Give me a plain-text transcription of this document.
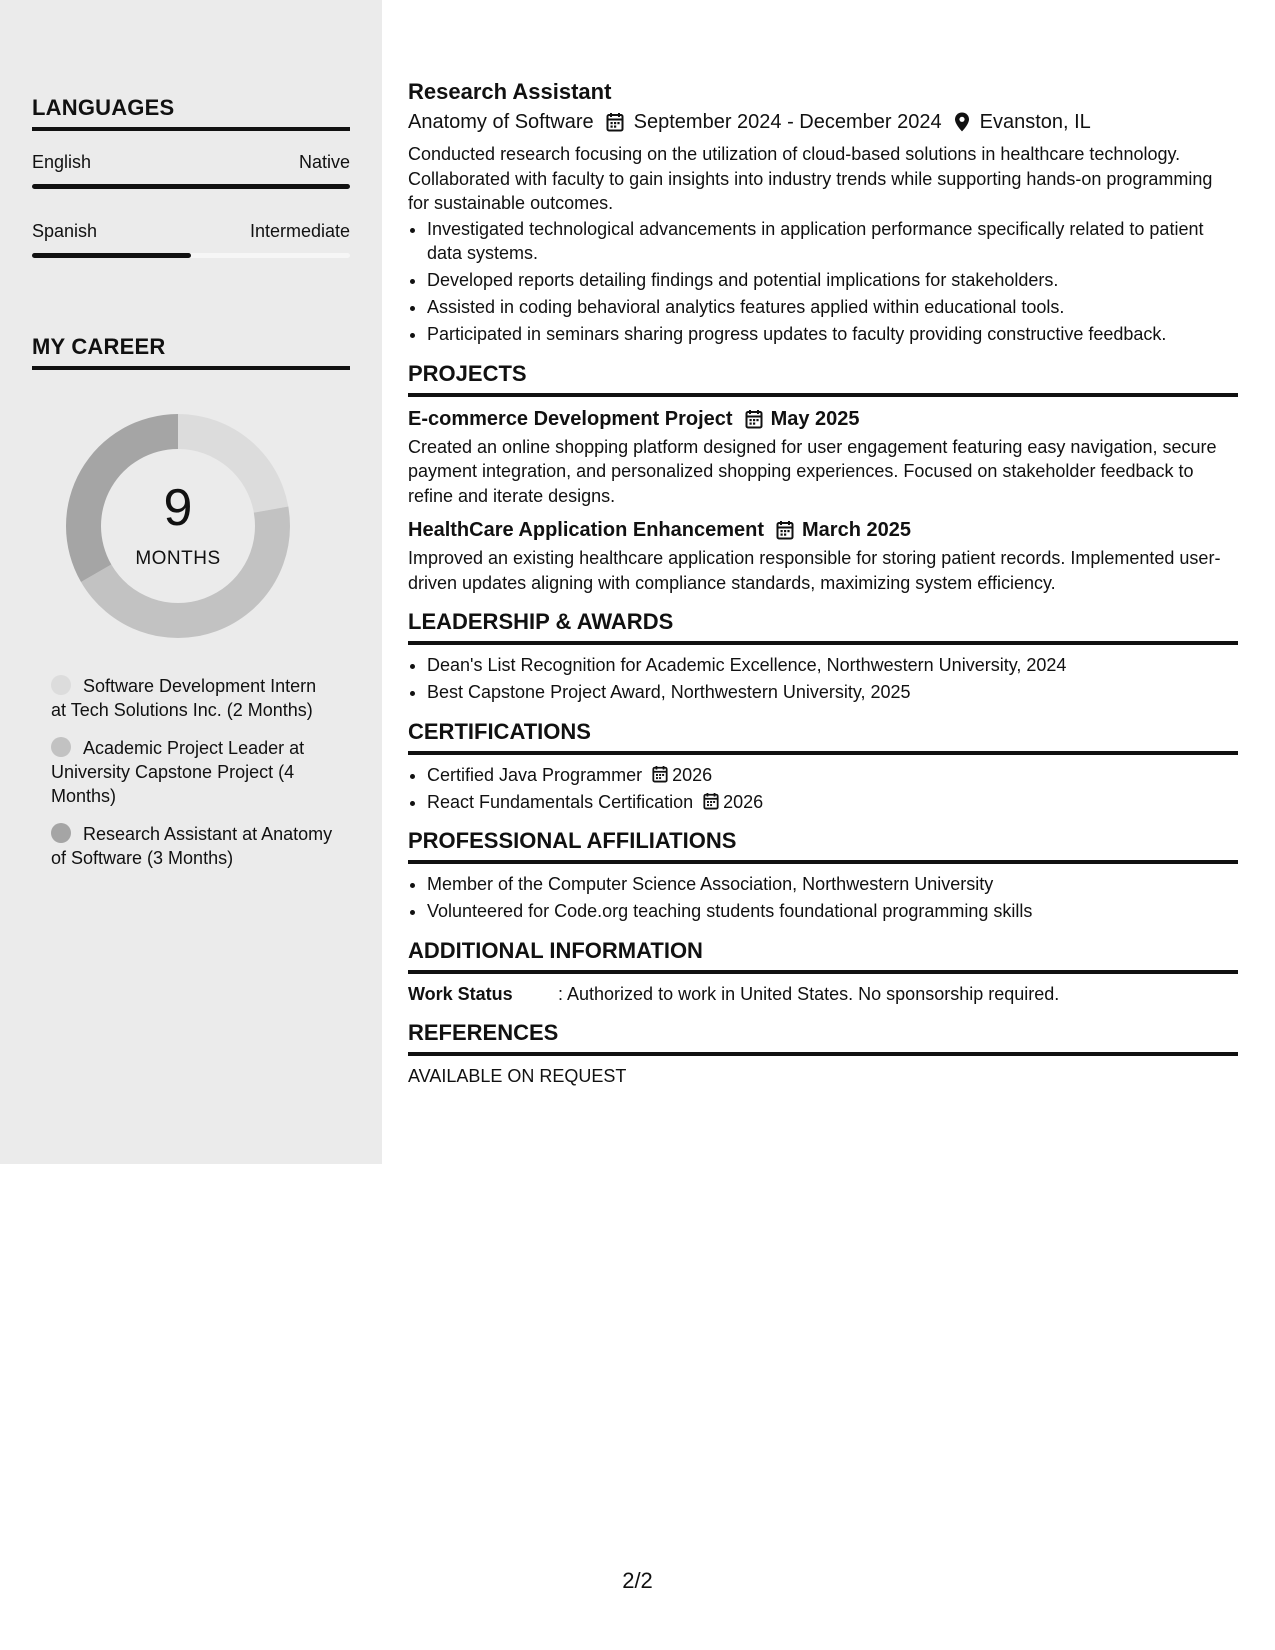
LANGUAGES
English	Native
Spanish	Intermediate
MY CAREER
9
MONTHS
Software Development Intern at Tech Solutions Inc. (2 Months)
Academic Project Leader at University Capstone Project (4 Months)
Research Assistant at Anatomy of Software (3 Months)
Research Assistant
Anatomy of Software September 2024 - December 2024 Evanston, IL
Conducted research focusing on the utilization of cloud-based solutions in healthcare technology. Collaborated with faculty to gain insights into industry trends while supporting hands-on programming for sustainable outcomes.
• Investigated technological advancements in application performance specifically related to patient data systems.
• Developed reports detailing findings and potential implications for stakeholders.
• Assisted in coding behavioral analytics features applied within educational tools.
• Participated in seminars sharing progress updates to faculty providing constructive feedback.
PROJECTS
E-commerce Development Project May 2025
Created an online shopping platform designed for user engagement featuring easy navigation, secure payment integration, and personalized shopping experiences. Focused on stakeholder feedback to refine and iterate designs.
HealthCare Application Enhancement March 2025
Improved an existing healthcare application responsible for storing patient records. Implemented user-driven updates aligning with compliance standards, maximizing system efficiency.
LEADERSHIP & AWARDS
• Dean's List Recognition for Academic Excellence, Northwestern University, 2024
• Best Capstone Project Award, Northwestern University, 2025
CERTIFICATIONS
• Certified Java Programmer 2026
• React Fundamentals Certification 2026
PROFESSIONAL AFFILIATIONS
• Member of the Computer Science Association, Northwestern University
• Volunteered for Code.org teaching students foundational programming skills
ADDITIONAL INFORMATION
Work Status	: Authorized to work in United States. No sponsorship required.
REFERENCES
AVAILABLE ON REQUEST
2/2
